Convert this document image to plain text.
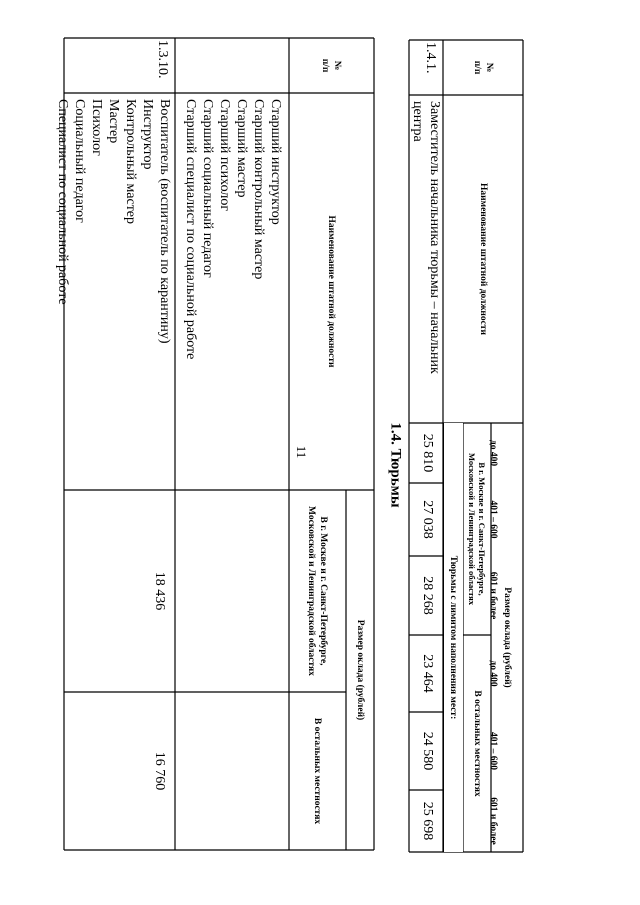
11
№
п/п
Наименование штатной должности
Размер оклада (рублей)
В г. Москве и г. Санкт-Петербурге,
Московской и Ленинградской областях
В остальных местностях
Старший инструктор
Старший контрольный мастер
Старший мастер
Старший психолог
Старший социальный педагог
Старший специалист по социальной работе
1.3.10.
Воспитатель (воспитатель по карантину)
Инструктор
Контрольный мастер
Мастер
Психолог
Социальный педагог
Специалист по социальной работе
18 436
16 760
1.4. Тюрьмы
№
п/п
Наименование штатной должности
Размер оклада (рублей)
В г. Москве и г. Санкт-Петербурге,
Московской и Ленинградской областях
В остальных местностях
Тюрьмы с лимитом наполнения мест:
1.4.1.
Заместитель начальника тюрьмы – начальник центра
25 810
27 038
28 268
23 464
24 580
25 698
до 400
401 – 600
601 и более
до 400
401 – 600
601 и более
